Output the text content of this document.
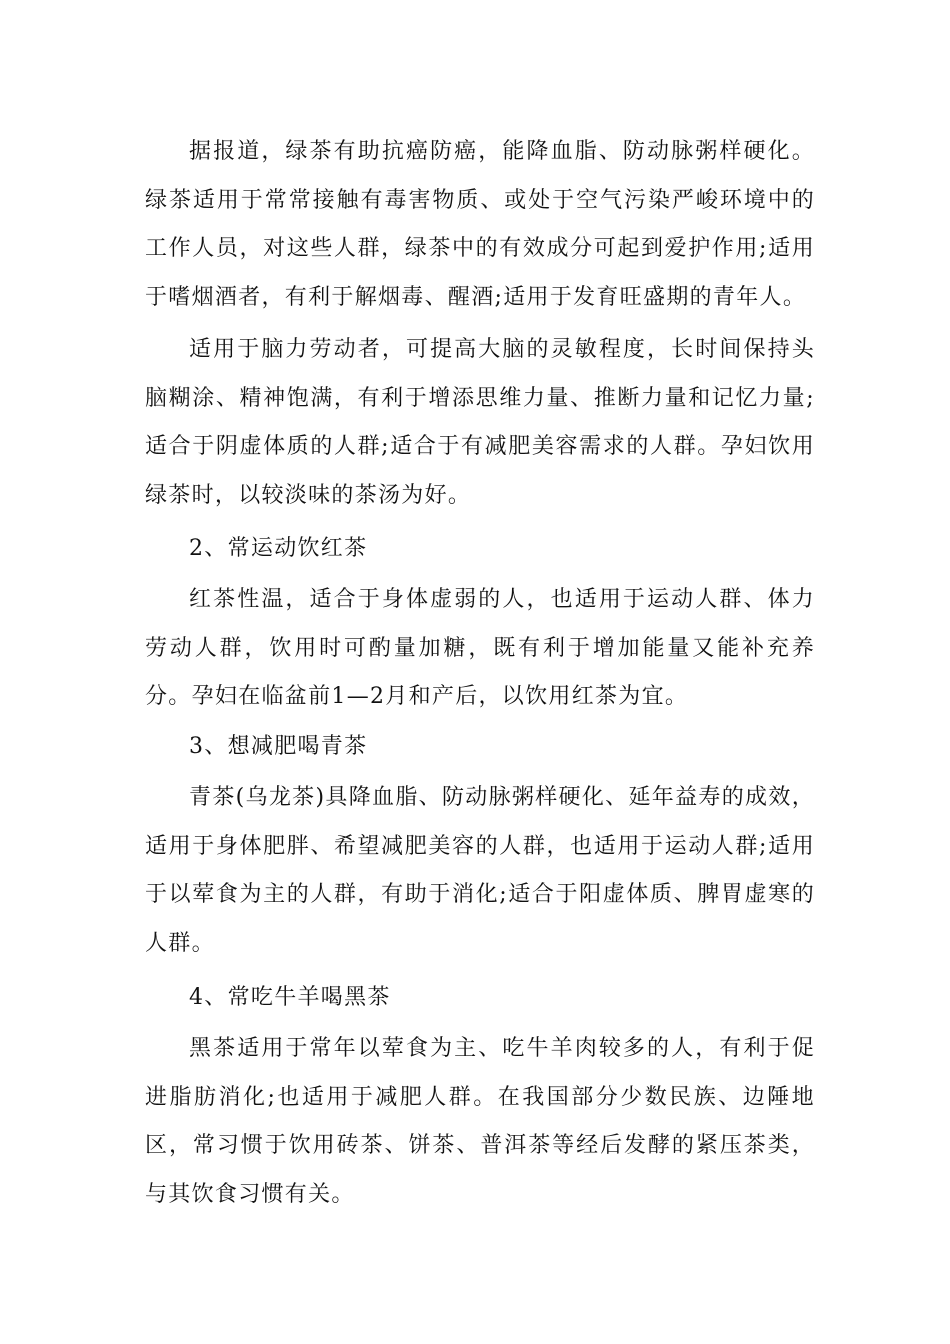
据报道，绿茶有助抗癌防癌，能降血脂、防动脉粥样硬化。绿茶适用于常常接触有毒害物质、或处于空气污染严峻环境中的工作人员，对这些人群，绿茶中的有效成分可起到爱护作用;适用于嗜烟酒者，有利于解烟毒、醒酒;适用于发育旺盛期的青年人。

适用于脑力劳动者，可提高大脑的灵敏程度，长时间保持头脑糊涂、精神饱满，有利于增添思维力量、推断力量和记忆力量;适合于阴虚体质的人群;适合于有减肥美容需求的人群。孕妇饮用绿茶时，以较淡味的茶汤为好。

2、常运动饮红茶

红茶性温，适合于身体虚弱的人，也适用于运动人群、体力劳动人群，饮用时可酌量加糖，既有利于增加能量又能补充养分。孕妇在临盆前1—2月和产后，以饮用红茶为宜。

3、想减肥喝青茶

青茶(乌龙茶)具降血脂、防动脉粥样硬化、延年益寿的成效，适用于身体肥胖、希望减肥美容的人群，也适用于运动人群;适用于以荤食为主的人群，有助于消化;适合于阳虚体质、脾胃虚寒的人群。

4、常吃牛羊喝黑茶

黑茶适用于常年以荤食为主、吃牛羊肉较多的人，有利于促进脂肪消化;也适用于减肥人群。在我国部分少数民族、边陲地区，常习惯于饮用砖茶、饼茶、普洱茶等经后发酵的紧压茶类，与其饮食习惯有关。
